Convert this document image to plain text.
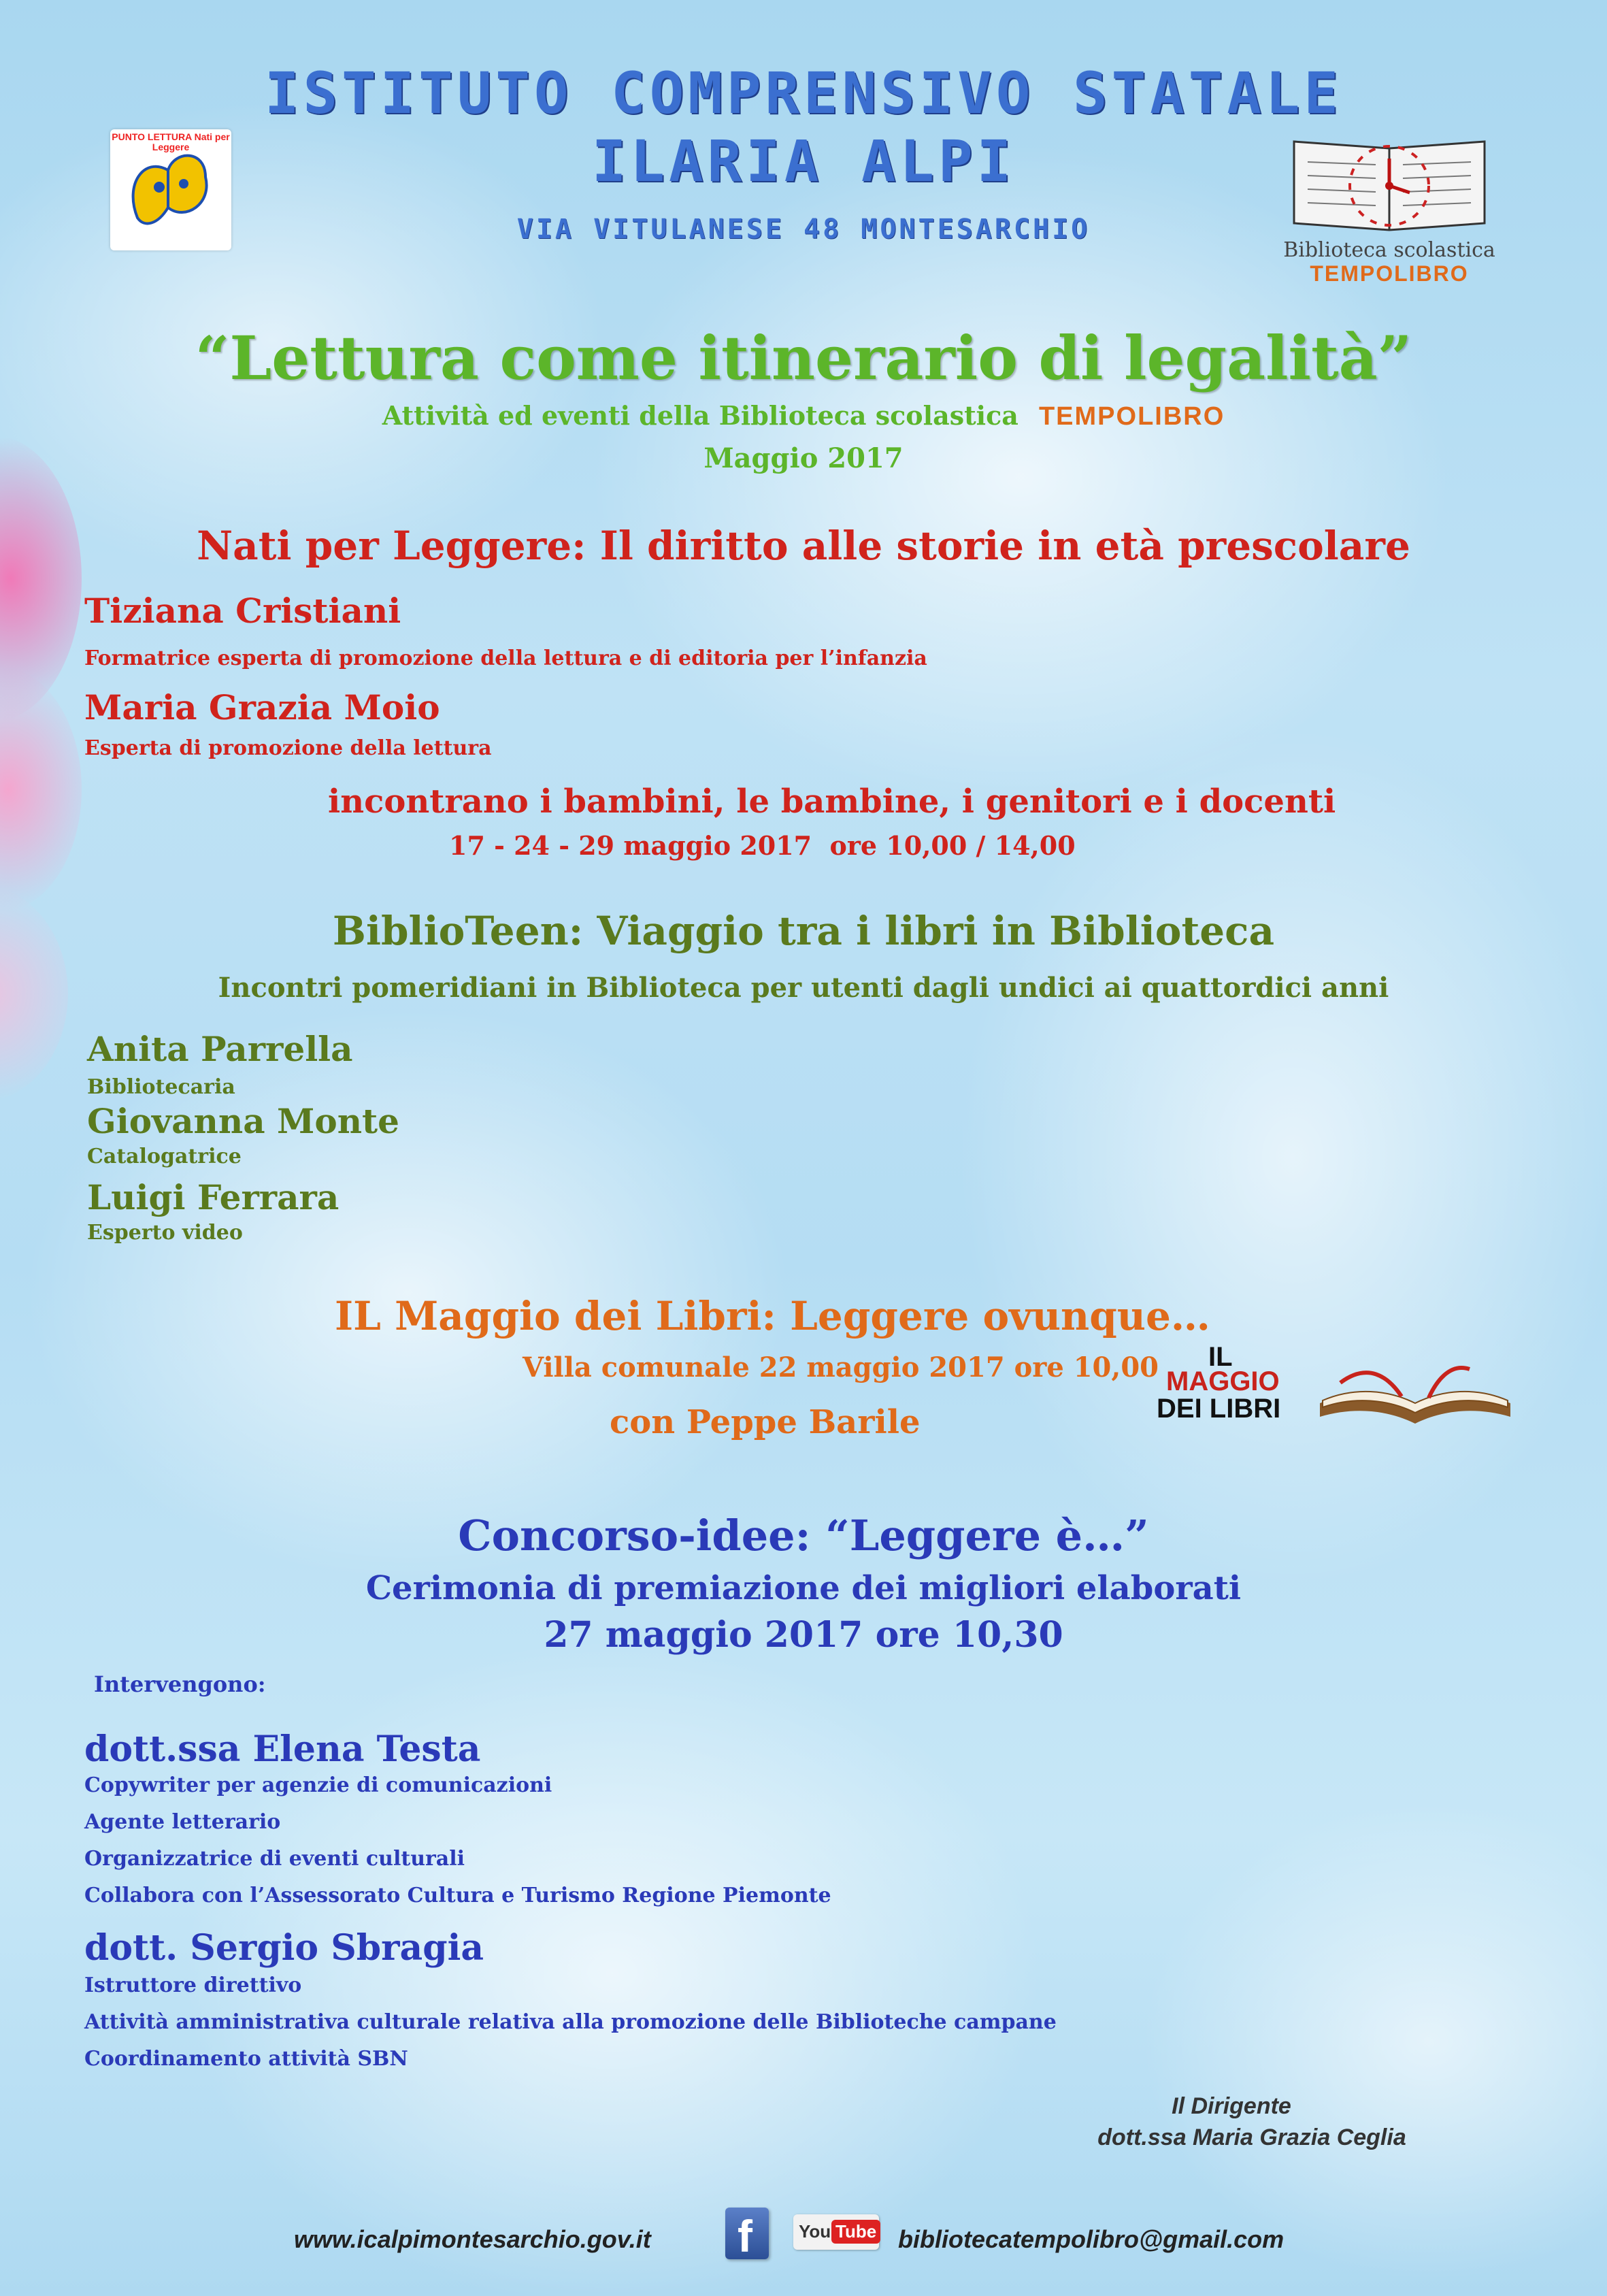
ISTITUTO COMPRENSIVO STATALE
ILARIA ALPI
VIA VITULANESE 48 MONTESARCHIO
PUNTO LETTURA Nati per Leggere
Biblioteca scolastica
TEMPOLIBRO
“Lettura come itinerario di legalità”
Attività ed eventi della Biblioteca scolastica TEMPOLIBRO
Maggio 2017
Nati per Leggere: Il diritto alle storie in età prescolare
Tiziana Cristiani
Formatrice esperta di promozione della lettura e di editoria per l’infanzia
Maria Grazia Moio
Esperta di promozione della lettura
incontrano i bambini, le bambine, i genitori e i docenti
17 - 24 - 29 maggio 2017  ore 10,00 / 14,00
BiblioTeen: Viaggio tra i libri in Biblioteca
Incontri pomeridiani in Biblioteca per utenti dagli undici ai quattordici anni
Anita Parrella
Bibliotecaria
Giovanna Monte
Catalogatrice
Luigi Ferrara
Esperto video
IL Maggio dei Libri: Leggere ovunque…
Villa comunale 22 maggio 2017 ore 10,00
con Peppe Barile
IL
MAGGIO
DEI LIBRI
Concorso-idee: “Leggere è…”
Cerimonia di premiazione dei migliori elaborati
27 maggio 2017 ore 10,30
Intervengono:
dott.ssa Elena Testa
Copywriter per agenzie di comunicazioni
Agente letterario
Organizzatrice di eventi culturali
Collabora con l’Assessorato Cultura e Turismo Regione Piemonte
dott. Sergio Sbragia
Istruttore direttivo
Attività amministrativa culturale relativa alla promozione delle Biblioteche campane
Coordinamento attività SBN
Il Dirigente
dott.ssa Maria Grazia Ceglia
www.icalpimontesarchio.gov.it f	You Tube bibliotecatempolibro@gmail.com
